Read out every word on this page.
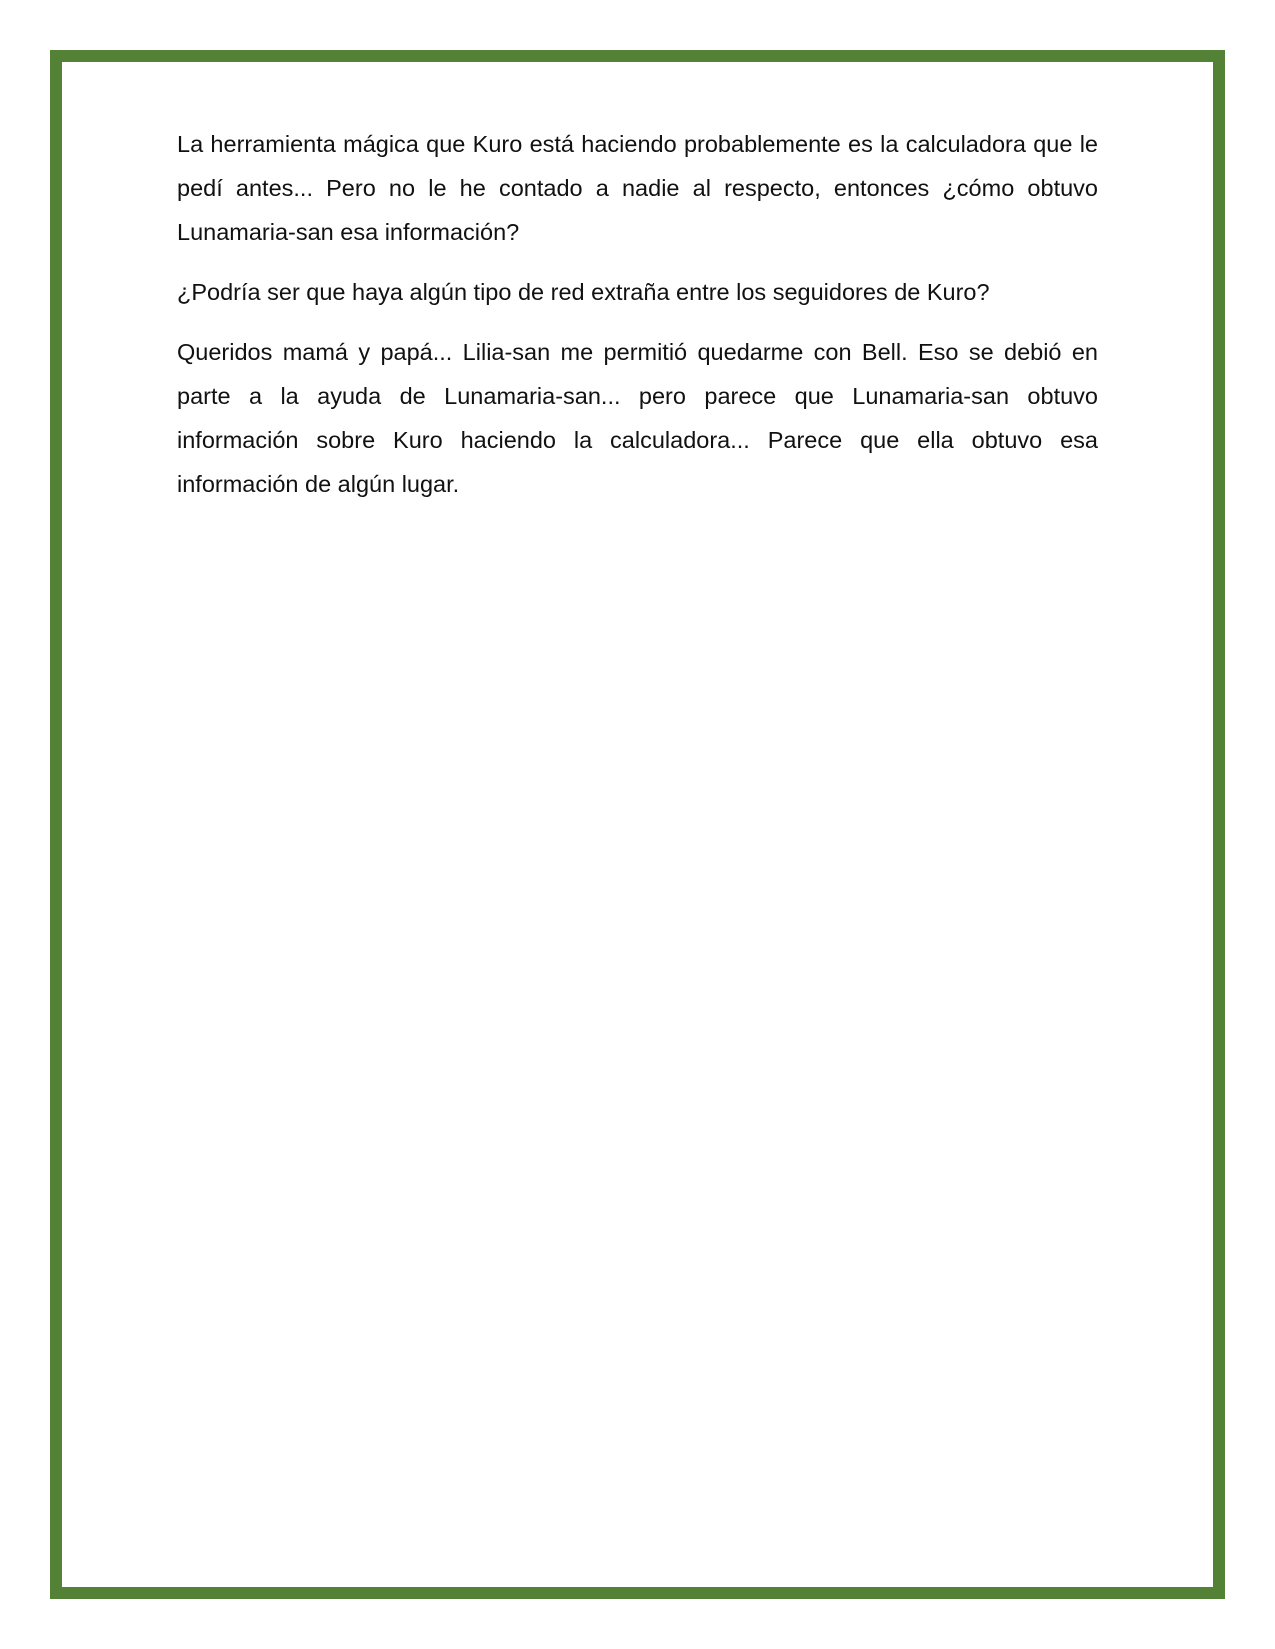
La herramienta mágica que Kuro está haciendo probablemente es la calculadora que le pedí antes... Pero no le he contado a nadie al respecto, entonces ¿cómo obtuvo Lunamaria-san esa información?

¿Podría ser que haya algún tipo de red extraña entre los seguidores de Kuro?

Queridos mamá y papá... Lilia-san me permitió quedarme con Bell. Eso se debió en parte a la ayuda de Lunamaria-san... pero parece que Lunamaria-san obtuvo información sobre Kuro haciendo la calculadora... Parece que ella obtuvo esa información de algún lugar.
